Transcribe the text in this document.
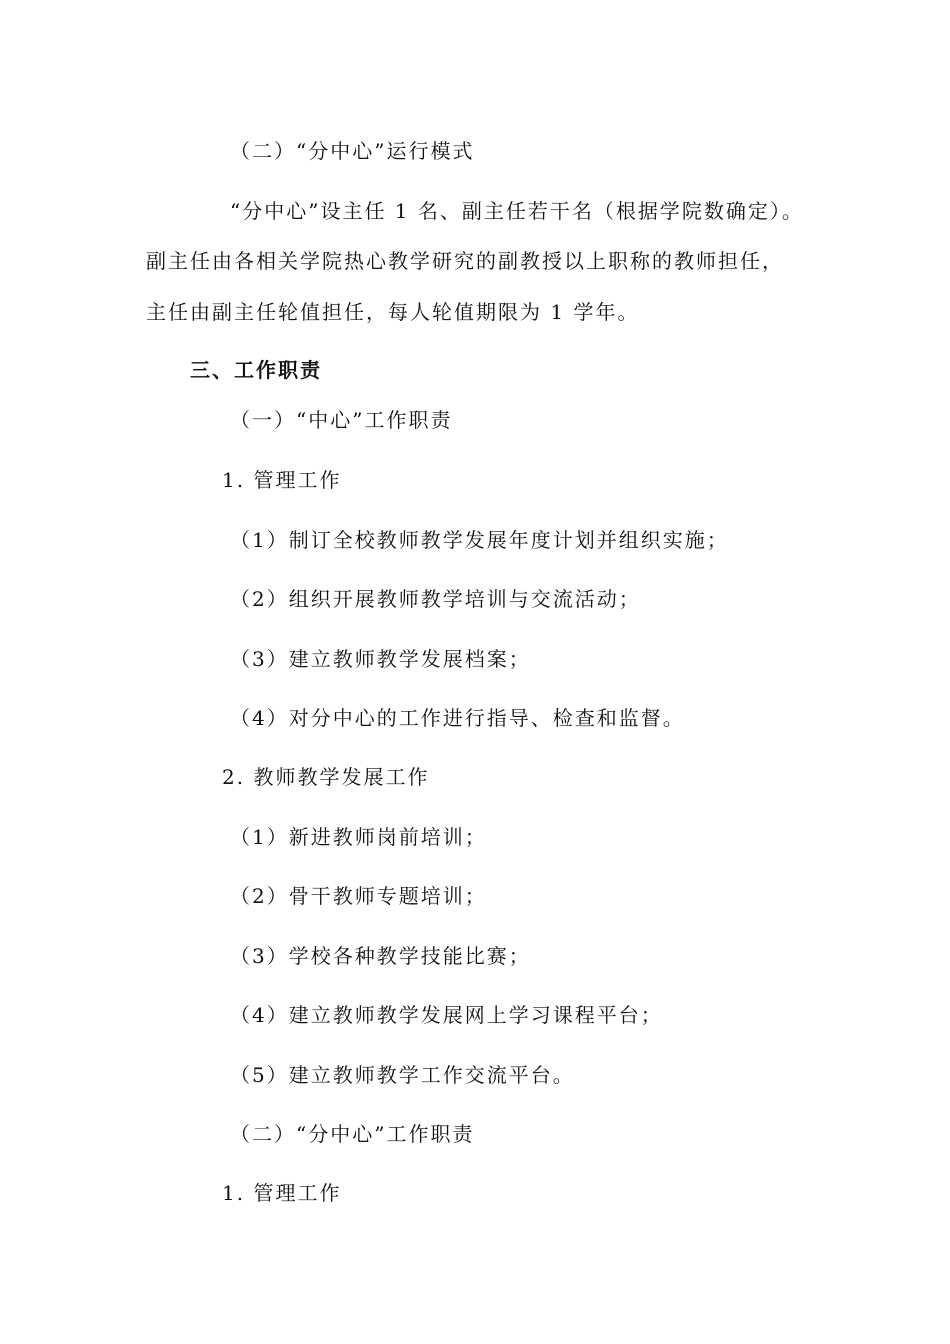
（二）“分中心”运行模式
“分中心”设主任 1 名、副主任若干名（根据学院数确定）。
副主任由各相关学院热心教学研究的副教授以上职称的教师担任，
主任由副主任轮值担任，每人轮值期限为 1 学年。
三、工作职责
（一）“中心”工作职责
1. 管理工作
（1）制订全校教师教学发展年度计划并组织实施；
（2）组织开展教师教学培训与交流活动；
（3）建立教师教学发展档案；
（4）对分中心的工作进行指导、检查和监督。
2. 教师教学发展工作
（1）新进教师岗前培训；
（2）骨干教师专题培训；
（3）学校各种教学技能比赛；
（4）建立教师教学发展网上学习课程平台；
（5）建立教师教学工作交流平台。
（二）“分中心”工作职责
1. 管理工作
